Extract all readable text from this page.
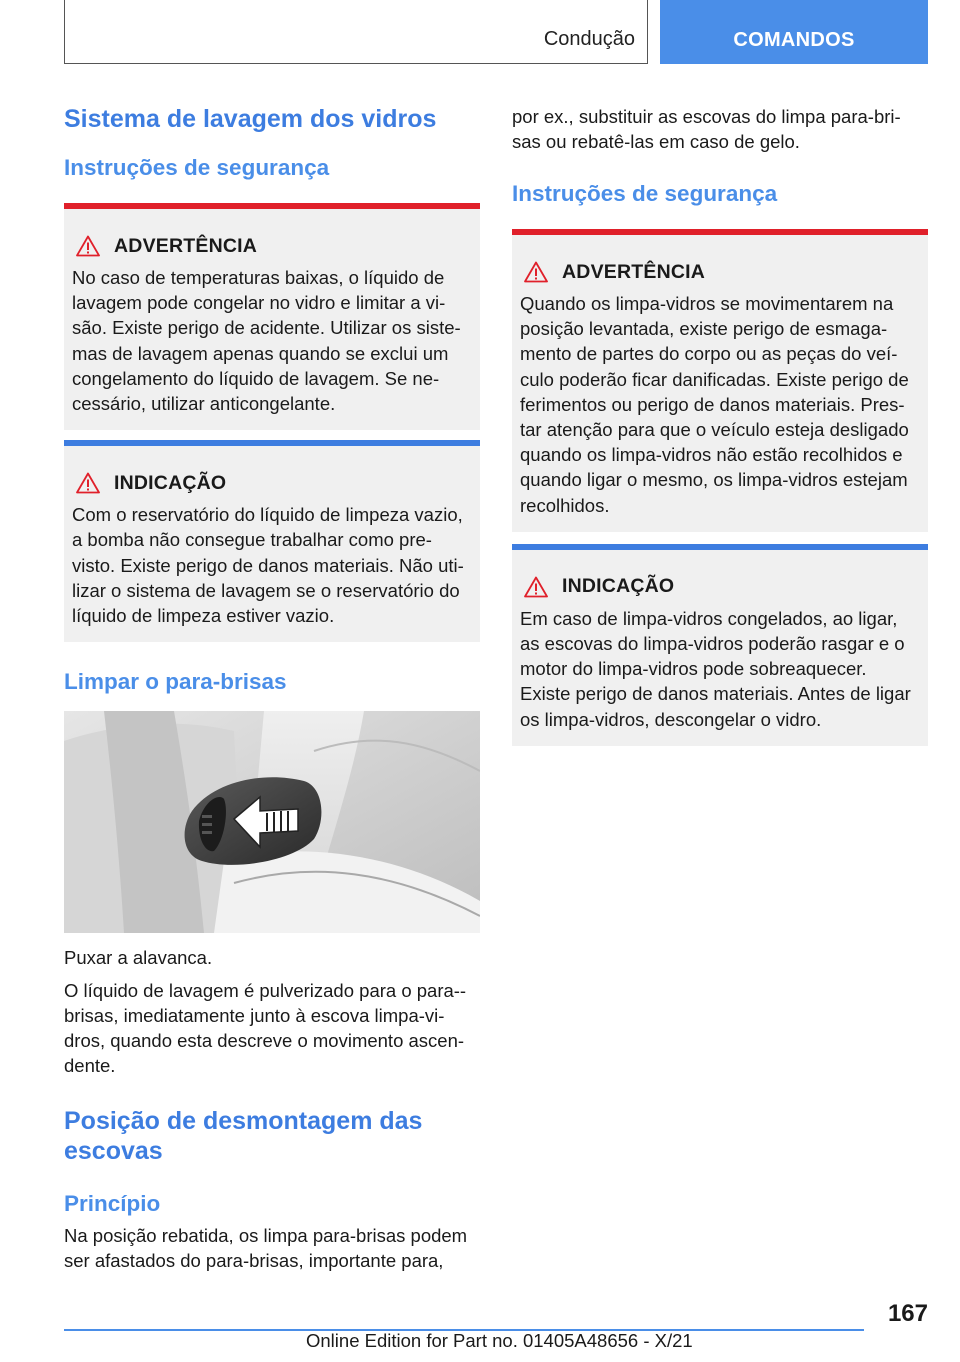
Condução	COMANDOS
Sistema de lavagem dos vidros
Instruções de segurança
ADVERTÊNCIA

No caso de temperaturas baixas, o líquido de lavagem pode congelar no vidro e limitar a vi-são. Existe perigo de acidente. Utilizar os siste-mas de lavagem apenas quando se exclui um congelamento do líquido de lavagem. Se ne-cessário, utilizar anticongelante.

INDICAÇÃO

Com o reservatório do líquido de limpeza vazio, a bomba não consegue trabalhar como pre-visto. Existe perigo de danos materiais. Não uti-lizar o sistema de lavagem se o reservatório do líquido de limpeza estiver vazio.

Limpar o para-brisas

Puxar a alavanca.

O líquido de lavagem é pulverizado para o para--brisas, imediatamente junto à escova limpa-vi-dros, quando esta descreve o movimento ascen-dente.

Posição de desmontagem das escovas
Princípio

Na posição rebatida, os limpa para-brisas podem ser afastados do para-brisas, importante para,

por ex., substituir as escovas do limpa para-bri-sas ou rebatê-las em caso de gelo.

Instruções de segurança
ADVERTÊNCIA

Quando os limpa-vidros se movimentarem na posição levantada, existe perigo de esmaga-mento de partes do corpo ou as peças do veí-culo poderão ficar danificadas. Existe perigo de ferimentos ou perigo de danos materiais. Pres-tar atenção para que o veículo esteja desligado quando os limpa-vidros não estão recolhidos e quando ligar o mesmo, os limpa-vidros estejam recolhidos.

INDICAÇÃO

Em caso de limpa-vidros congelados, ao ligar, as escovas do limpa-vidros poderão rasgar e o motor do limpa-vidros pode sobreaquecer. Existe perigo de danos materiais. Antes de ligar os limpa-vidros, descongelar o vidro.

167
Online Edition for Part no. 01405A48656 - X/21
